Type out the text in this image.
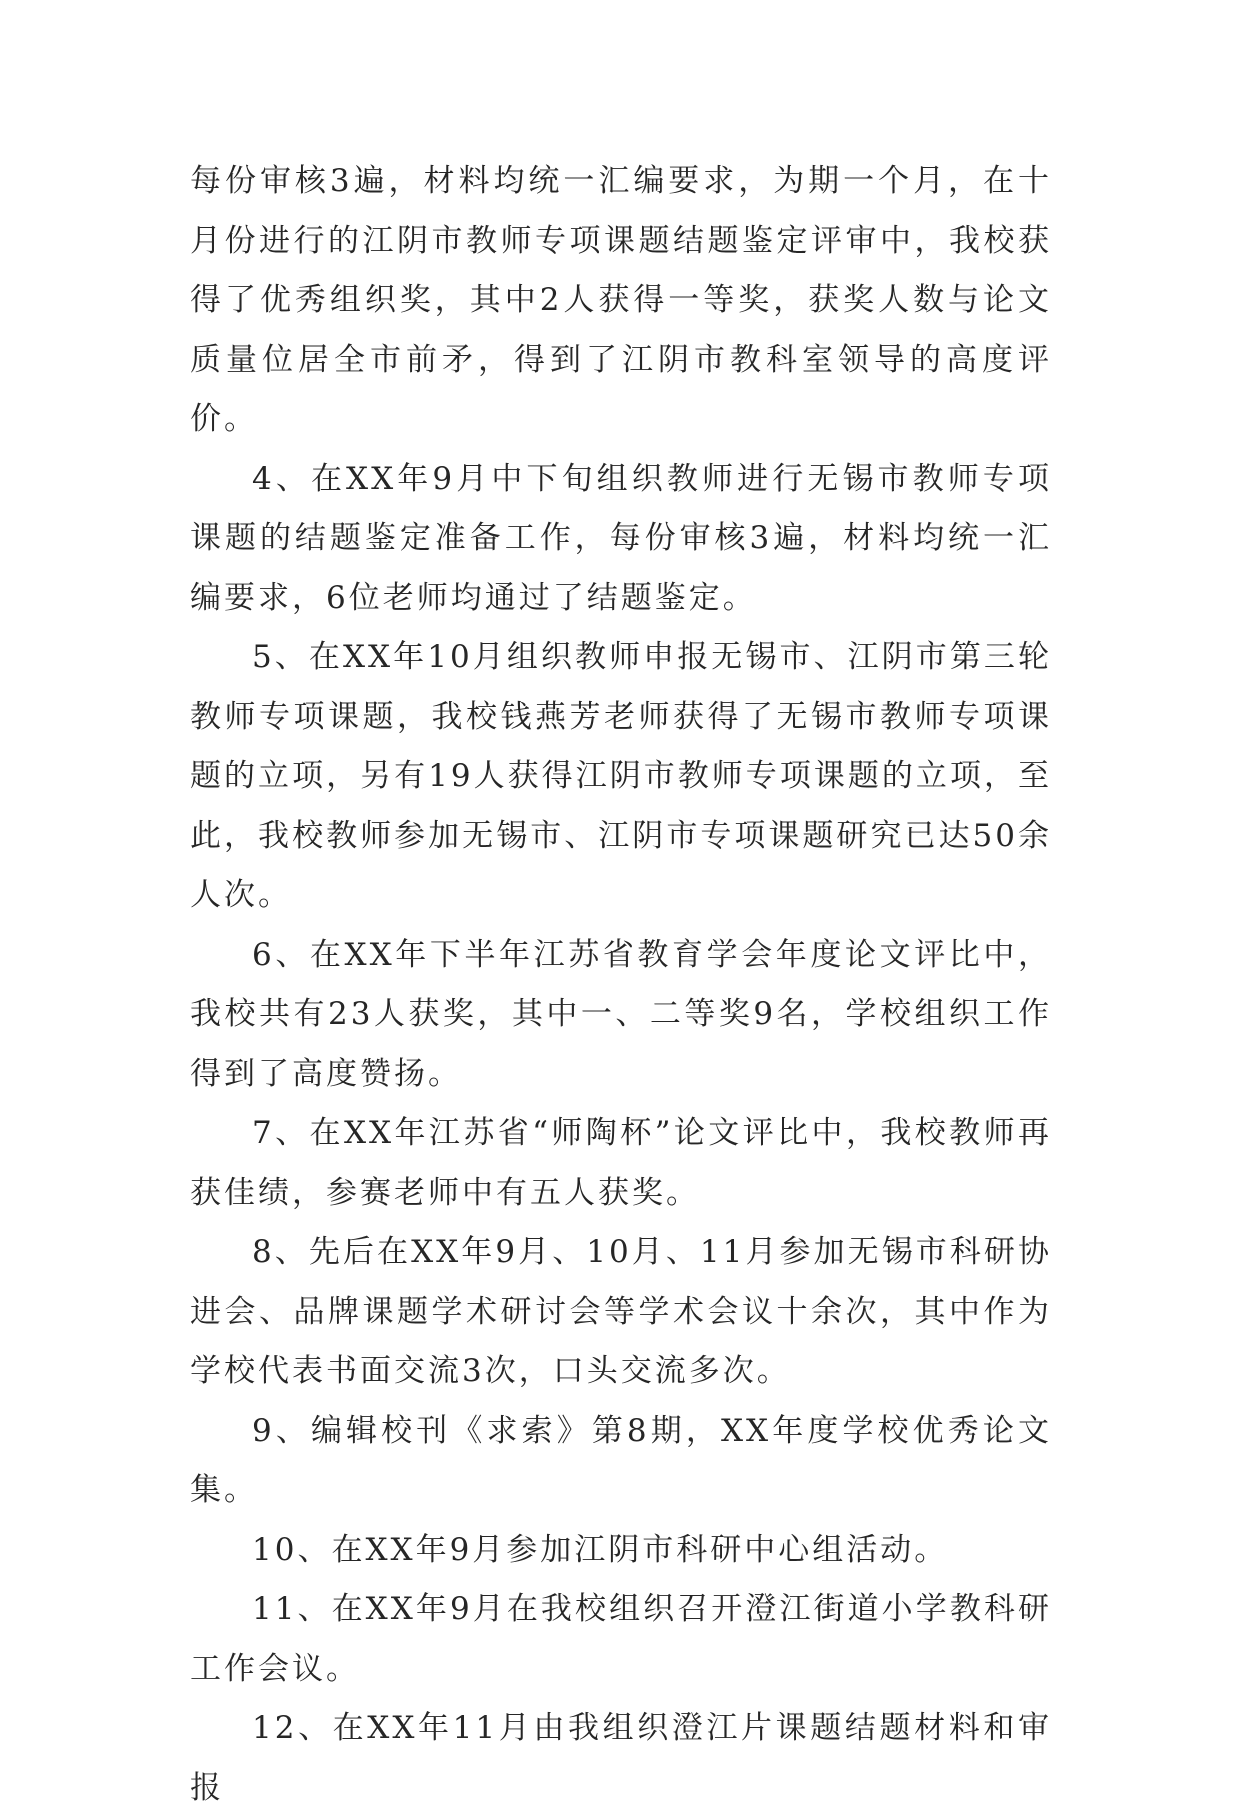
每份审核3遍，材料均统一汇编要求，为期一个月，在十月份进行的江阴市教师专项课题结题鉴定评审中，我校获得了优秀组织奖，其中2人获得一等奖，获奖人数与论文质量位居全市前矛，得到了江阴市教科室领导的高度评价。

4、在XX年9月中下旬组织教师进行无锡市教师专项课题的结题鉴定准备工作，每份审核3遍，材料均统一汇编要求，6位老师均通过了结题鉴定。

5、在XX年10月组织教师申报无锡市、江阴市第三轮教师专项课题，我校钱燕芳老师获得了无锡市教师专项课题的立项，另有19人获得江阴市教师专项课题的立项，至此，我校教师参加无锡市、江阴市专项课题研究已达50余人次。

6、在XX年下半年江苏省教育学会年度论文评比中，我校共有23人获奖，其中一、二等奖9名，学校组织工作得到了高度赞扬。

7、在XX年江苏省“师陶杯”论文评比中，我校教师再获佳绩，参赛老师中有五人获奖。

8、先后在XX年9月、10月、11月参加无锡市科研协进会、品牌课题学术研讨会等学术会议十余次，其中作为学校代表书面交流3次，口头交流多次。

9、编辑校刊《求索》第8期，XX年度学校优秀论文集。

10、在XX年9月参加江阴市科研中心组活动。

11、在XX年9月在我校组织召开澄江街道小学教科研工作会议。

12、在XX年11月由我组织澄江片课题结题材料和审报
